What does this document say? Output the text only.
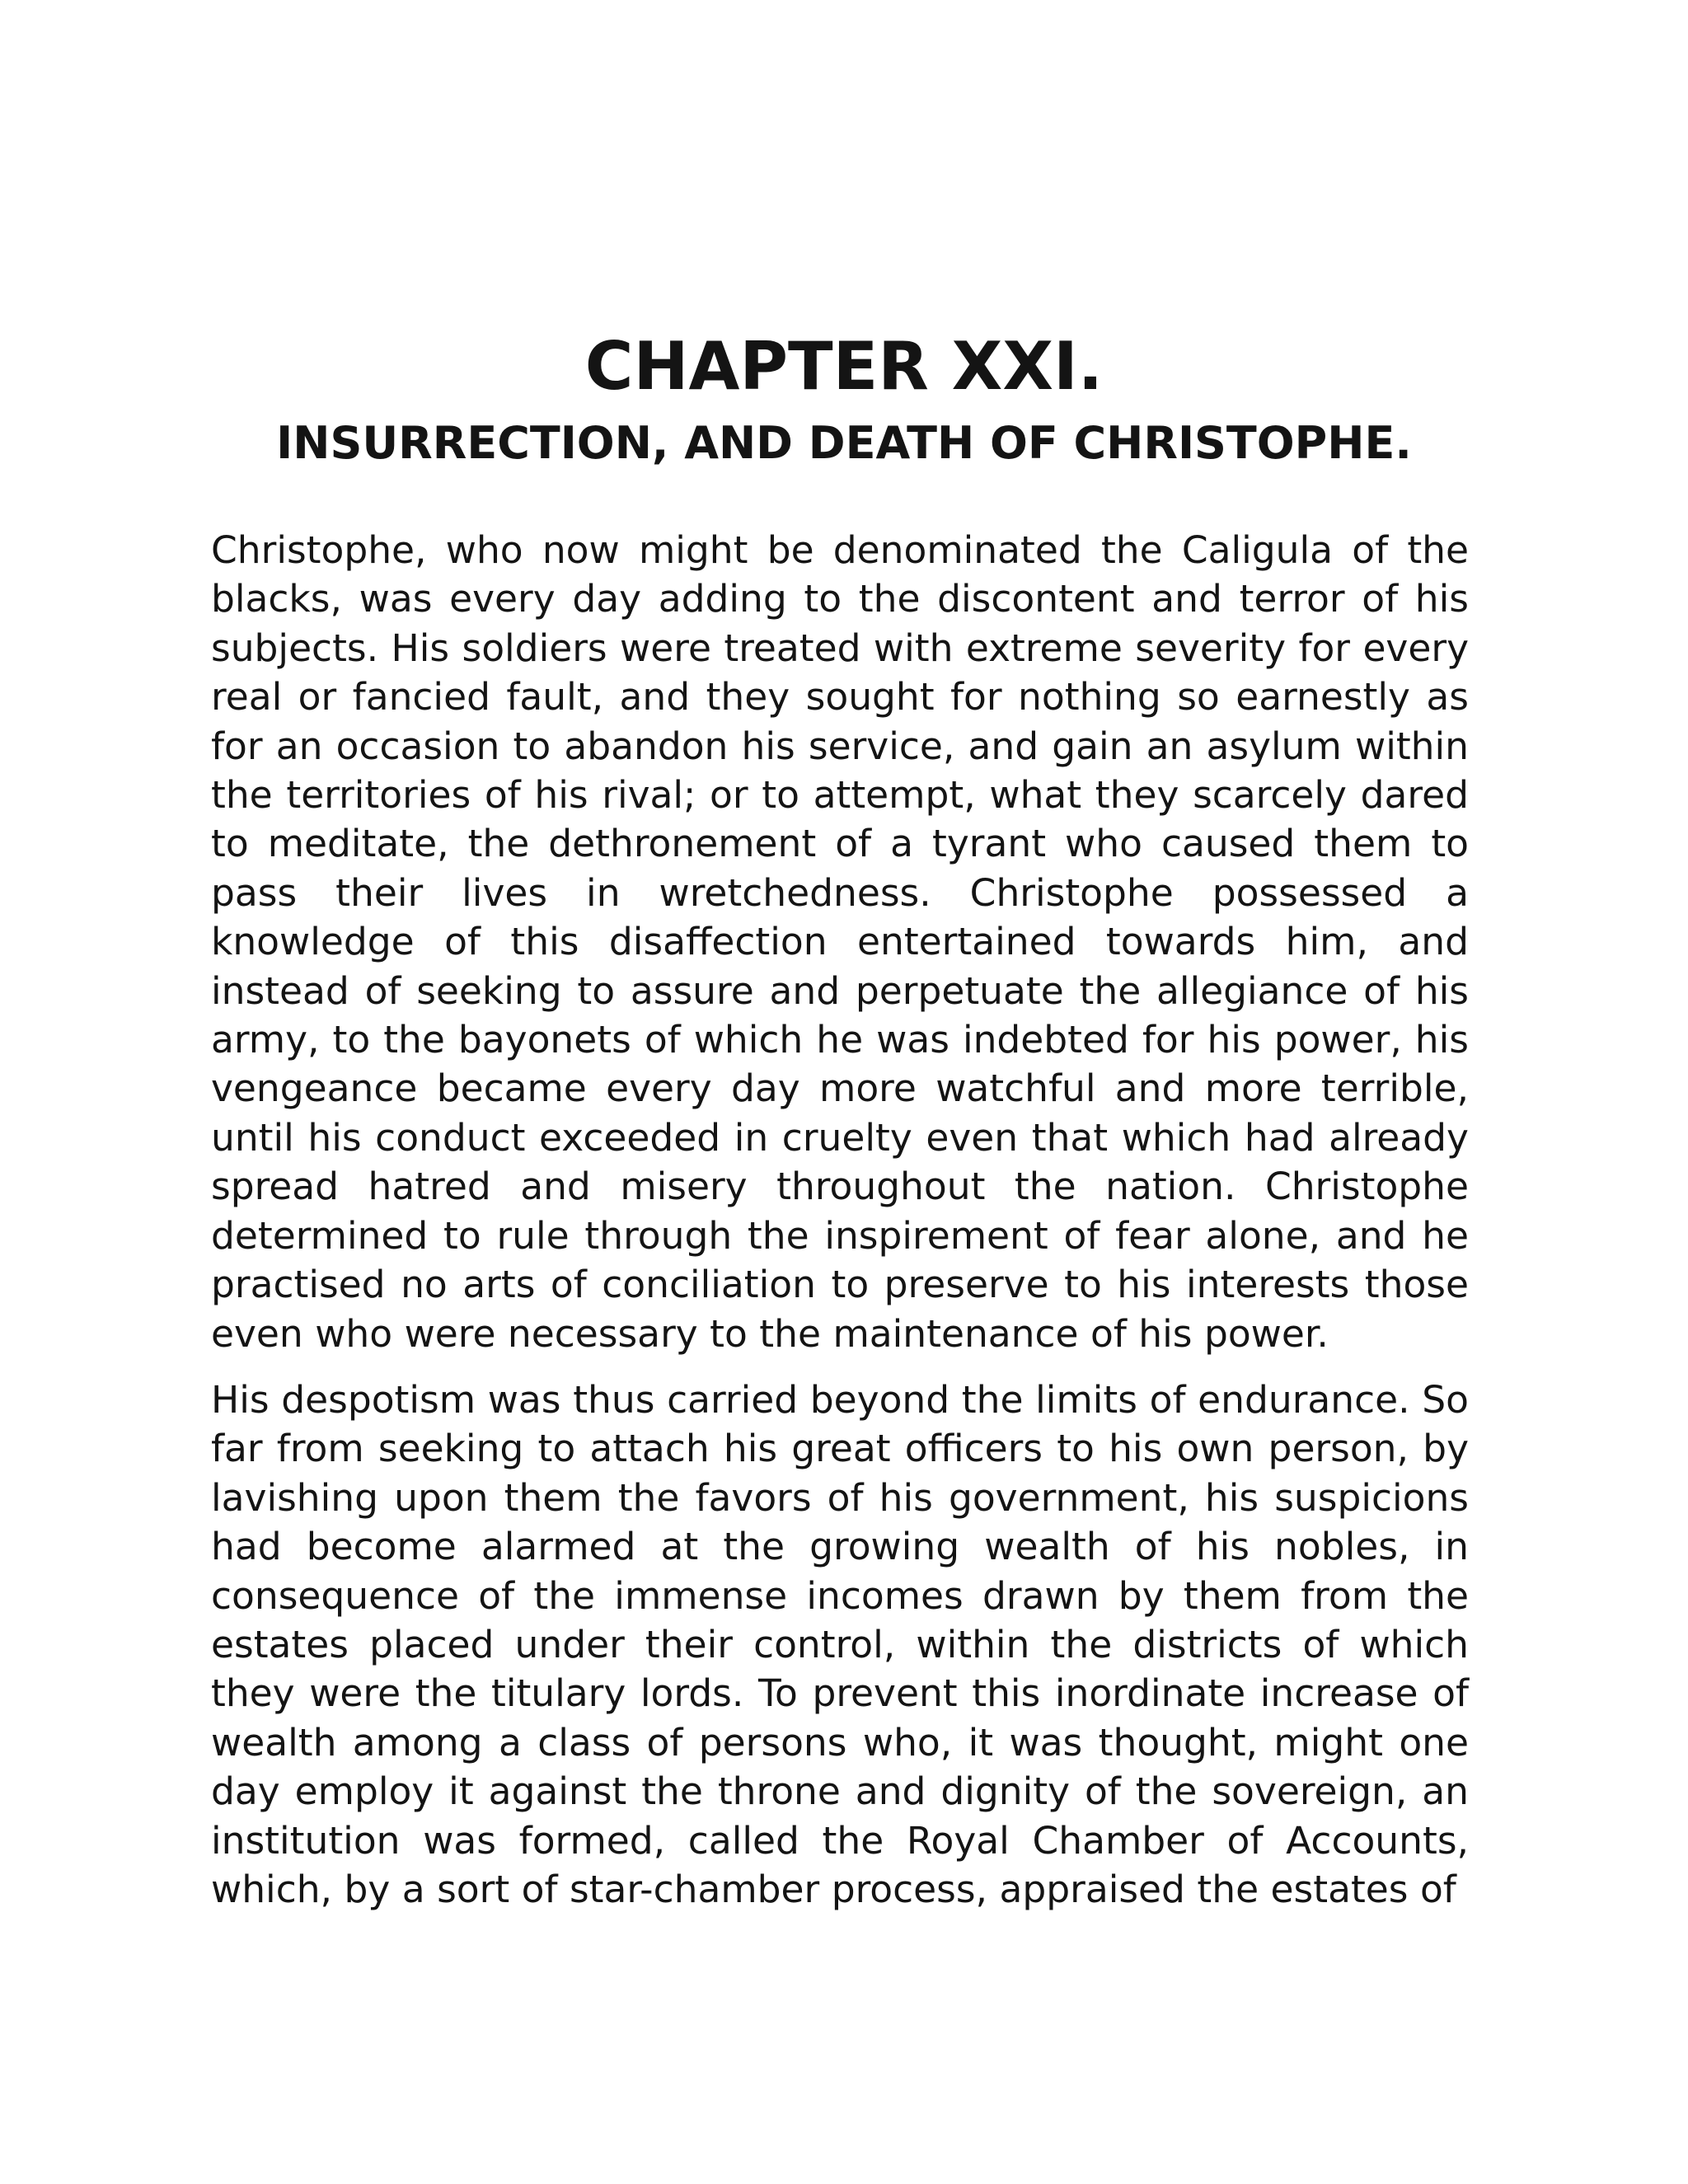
CHAPTER XXI.
INSURRECTION, AND DEATH OF CHRISTOPHE.

Christophe, who now might be denominated the Caligula of the blacks, was every day adding to the discontent and terror of his subjects. His soldiers were treated with extreme severity for every real or fancied fault, and they sought for nothing so earnestly as for an occasion to abandon his service, and gain an asylum within the territories of his rival; or to attempt, what they scarcely dared to meditate, the dethronement of a tyrant who caused them to pass their lives in wretchedness. Christophe possessed a knowledge of this disaffection entertained towards him, and instead of seeking to assure and perpetuate the allegiance of his army, to the bayonets of which he was indebted for his power, his vengeance became every day more watchful and more terrible, until his conduct exceeded in cruelty even that which had already spread hatred and misery throughout the nation. Christophe determined to rule through the inspirement of fear alone, and he practised no arts of conciliation to preserve to his interests those even who were necessary to the maintenance of his power.

His despotism was thus carried beyond the limits of endurance. So far from seeking to attach his great officers to his own person, by lavishing upon them the favors of his government, his suspicions had become alarmed at the growing wealth of his nobles, in consequence of the immense incomes drawn by them from the estates placed under their control, within the districts of which they were the titulary lords. To prevent this inordinate increase of wealth among a class of persons who, it was thought, might one day employ it against the throne and dignity of the sovereign, an institution was formed, called the Royal Chamber of Accounts, which, by a sort of star-chamber process, appraised the estates of
